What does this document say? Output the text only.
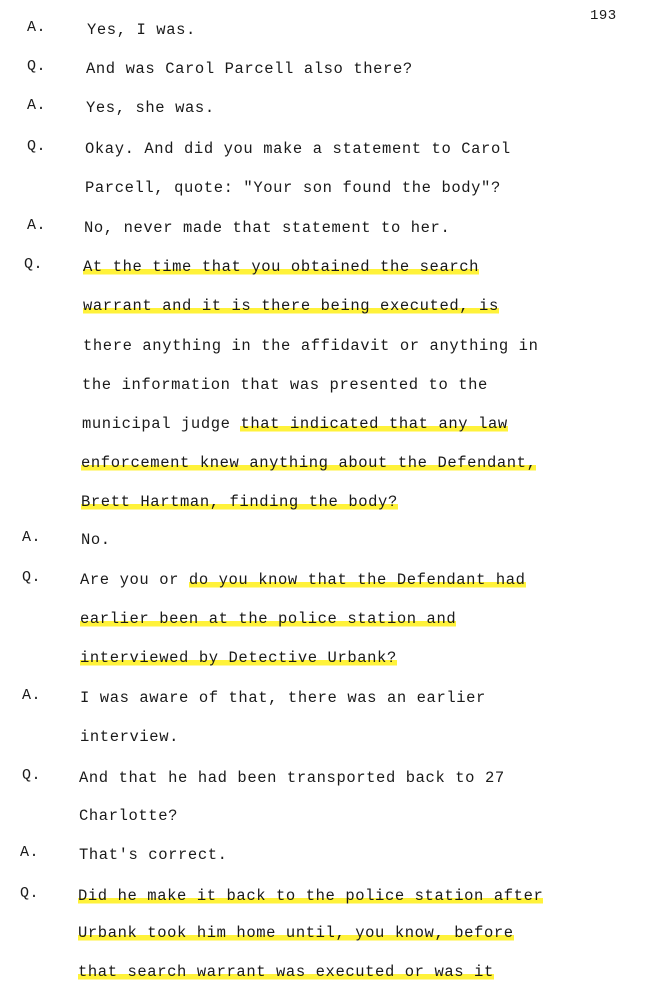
193
A.	Yes, I was.
Q.	And was Carol Parcell also there?
A.	Yes, she was.
Q.	Okay. And did you make a statement to Carol
Parcell, quote: "Your son found the body"?
A. No, never made that statement to her.
Q.	At the time that you obtained the search
warrant and it is there being executed, is
there anything in the affidavit or anything in
the information that was presented to the
municipal judge that indicated that any law
enforcement knew anything about the Defendant,
Brett Hartman, finding the body?
A.	No.
Q.	Are you or do you know that the Defendant had
earlier been at the police station and
interviewed by Detective Urbank?
A.	I was aware of that, there was an earlier
interview.
Q. And that he had been transported back to 27
Charlotte?
A.	That's correct.
Q.	Did he make it back to the police station after
Urbank took him home until, you know, before
that search warrant was executed or was it
